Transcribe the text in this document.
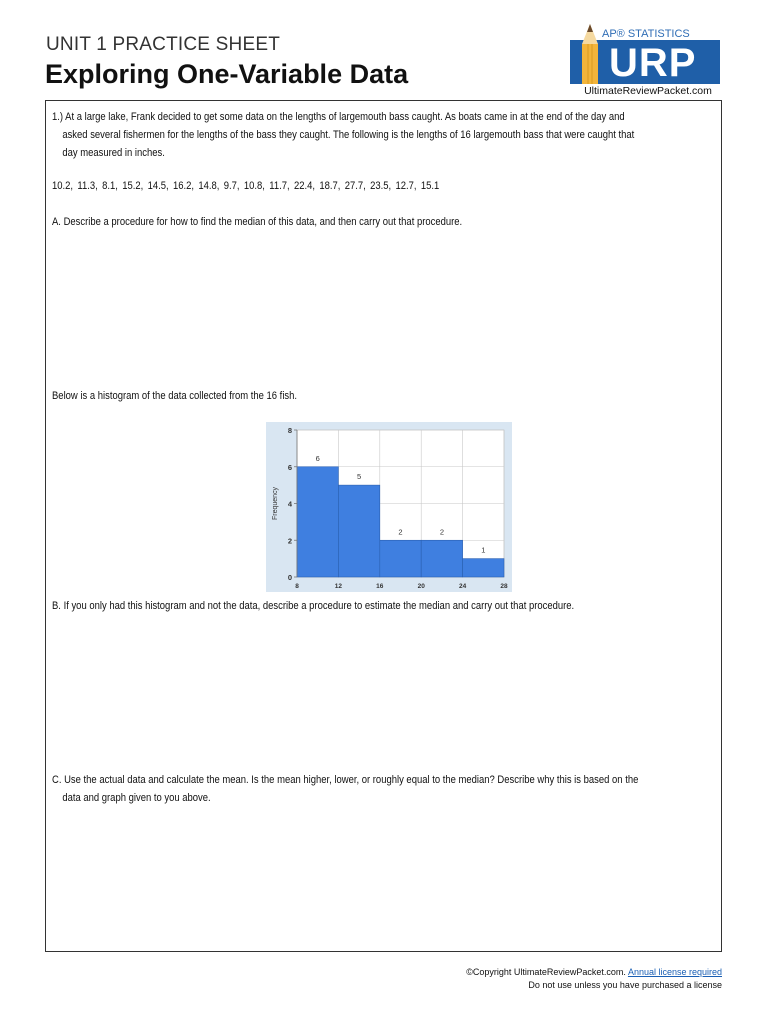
UNIT 1 PRACTICE SHEET
Exploring One-Variable Data
AP® STATISTICS
URP
UltimateReviewPacket.com
1.) At a large lake, Frank decided to get some data on the lengths of largemouth bass caught. As boats came in at the end of the day and

asked several fishermen for the lengths of the bass they caught. The following is the lengths of 16 largemouth bass that were caught that
day measured in inches.
10.2, 11.3, 8.1, 15.2, 14.5, 16.2, 14.8, 9.7, 10.8, 11.7, 22.4, 18.7, 27.7, 23.5, 12.7, 15.1
A. Describe a procedure for how to find the median of this data, and then carry out that procedure.
Below is a histogram of the data collected from the 16 fish.
6
5
2	2
1
0
2
4
6
8
8	12	16	20	24	28
Frequency
B. If you only had this histogram and not the data, describe a procedure to estimate the median and carry out that procedure.
C. Use the actual data and calculate the mean. Is the mean higher, lower, or roughly equal to the median? Describe why this is based on the

data and graph given to you above.
©Copyright UltimateReviewPacket.com. Annual license required
Do not use unless you have purchased a license
